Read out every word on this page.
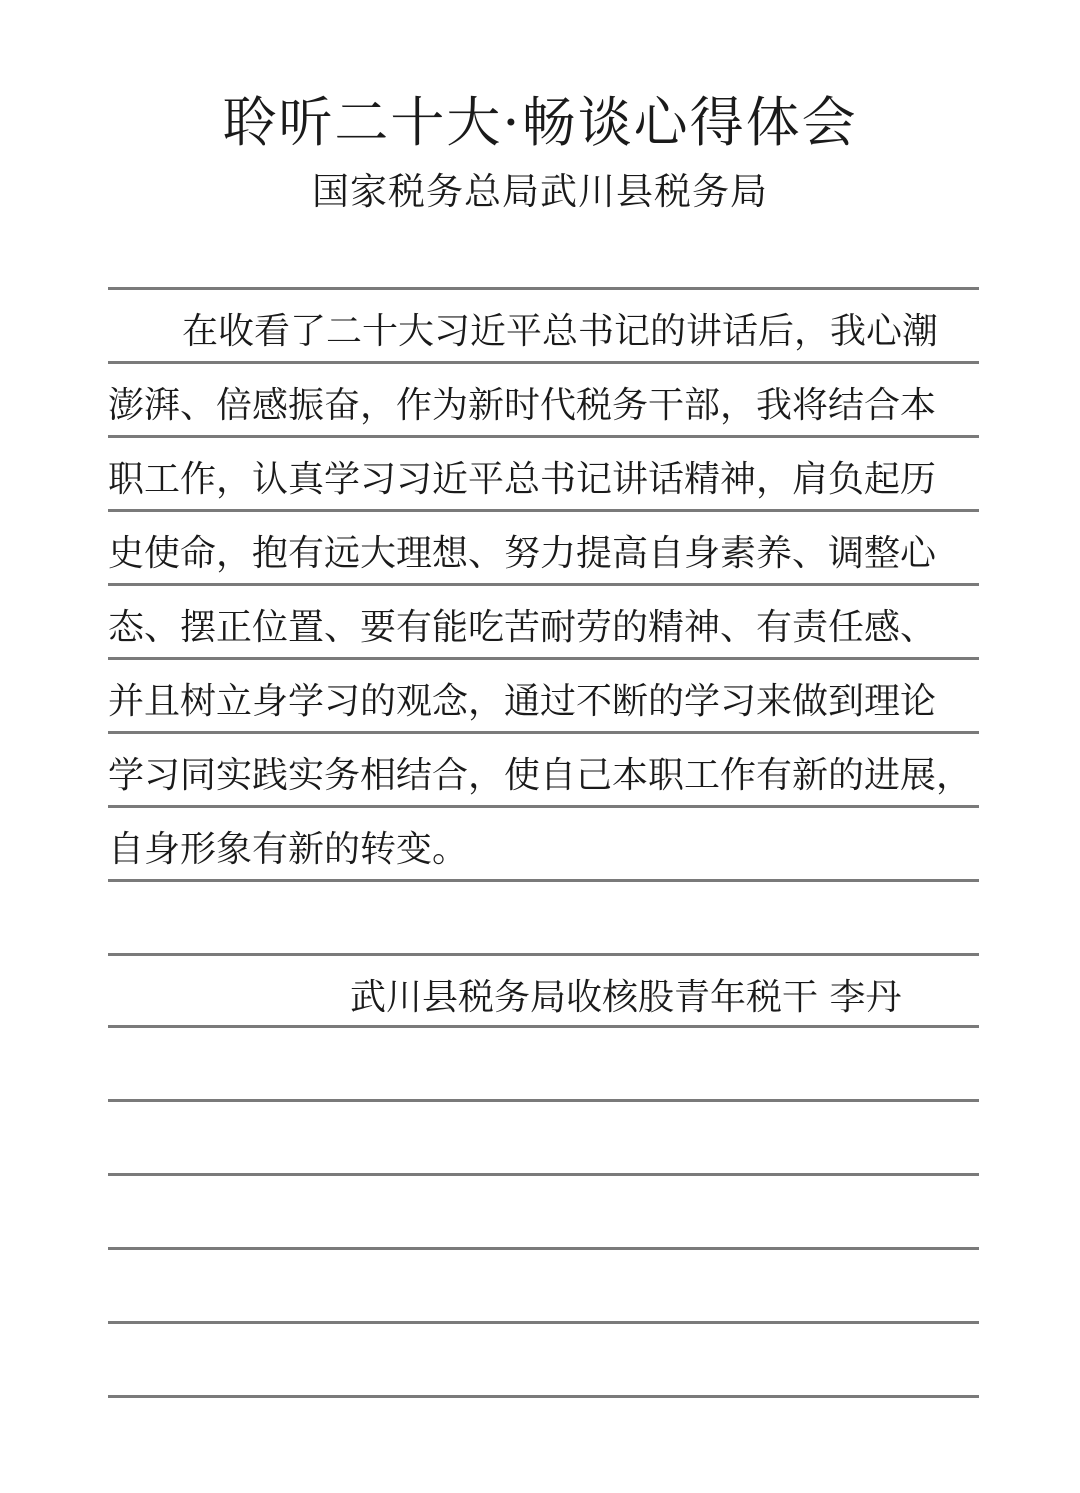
聆听二十大·畅谈心得体会
国家税务总局武川县税务局
在收看了二十大习近平总书记的讲话后，我心潮
澎湃、倍感振奋，作为新时代税务干部，我将结合本
职工作，认真学习习近平总书记讲话精神，肩负起历
史使命，抱有远大理想、努力提高自身素养、调整心
态、摆正位置、要有能吃苦耐劳的精神、有责任感、
并且树立身学习的观念，通过不断的学习来做到理论
学习同实践实务相结合，使自己本职工作有新的进展，
自身形象有新的转变。
武川县税务局收核股青年税干 李丹
